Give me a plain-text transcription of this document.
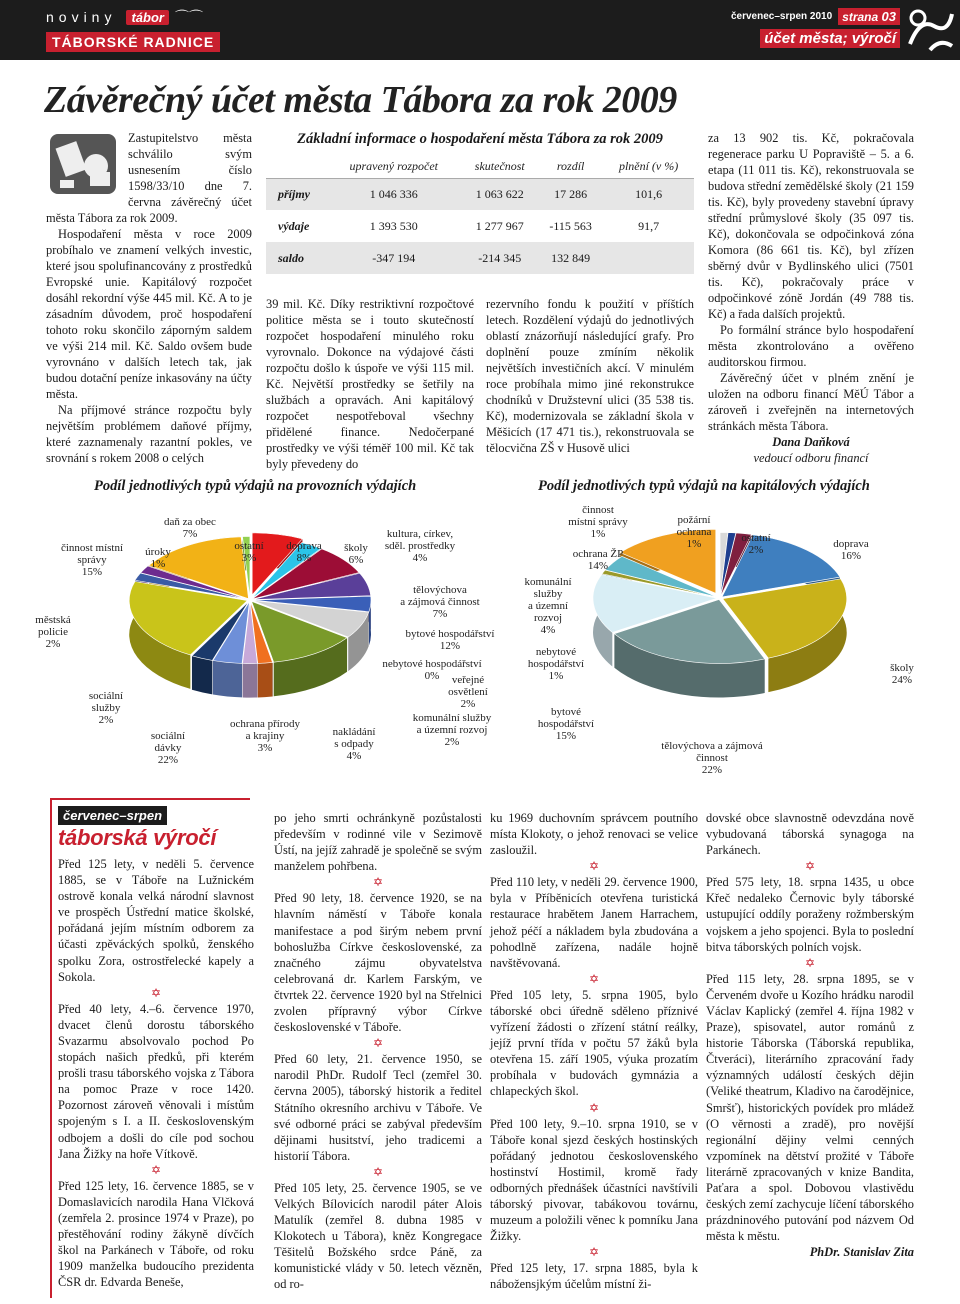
noviny	tábor ⌒⌒
TÁBORSKÉ RADNICE
červenec–srpen 2010 strana 03
účet města; výročí
Závěrečný účet města Tábora za rok 2009

Zastupitelstvo města schválilo svým usnesením číslo 1598/33/10 dne 7. června závěrečný účet města Tábora za rok 2009.

Hospodaření města v roce 2009 probíhalo ve znamení velkých investic, které jsou spolufinancovány z prostředků Evropské unie. Kapitálový rozpočet dosáhl rekordní výše 445 mil. Kč. A to je zásadním důvodem, proč hospodaření tohoto roku skončilo záporným saldem ve výši 214 mil. Kč. Saldo ovšem bude vyrovnáno v dalších letech tak, jak budou dotační peníze inkasovány na účty města.

Na příjmové stránce rozpočtu byly největším problémem daňové příjmy, které zaznamenaly razantní pokles, ve srovnání s rokem 2008 o celých

Základní informace o hospodaření města Tábora za rok 2009
	upravený rozpočet	skutečnost	rozdíl	plnění (v %)
příjmy	1 046 336	1 063 622	17 286	101,6
výdaje	1 393 530	1 277 967	-115 563	91,7
saldo	-347 194	-214 345	132 849	
39 mil. Kč. Díky restriktivní rozpočtové politice města se i touto skutečností rozpočet hospodaření minulého roku vyrovnalo. Dokonce na výdajové části rozpočtu došlo k úspoře ve výši 115 mil. Kč. Největší prostředky se šetřily na službách a opravách. Ani kapitálový rozpočet nespotřeboval všechny přidělené finance. Nedočerpané prostředky ve výši téměř 100 mil. Kč tak byly převedeny do
rezervního fondu k použití v příštích letech. Rozdělení výdajů do jednotlivých oblastí znázorňují následující grafy. Pro doplnění pouze zmíním několik největších investičních akcí. V minulém roce probíhala mimo jiné rekonstrukce chodníků v Družstevní ulici (35 538 tis. Kč), modernizovala se základní škola v Měšicích (17 471 tis.), rekonstruovala se tělocvična ZŠ v Husově ulici

za 13 902 tis. Kč, pokračovala regenerace parku U Popraviště – 5. a 6. etapa (11 011 tis. Kč), rekonstruovala se budova střední zemědělské školy (21 159 tis. Kč), byly provedeny stavební úpravy střední průmyslové školy (35 097 tis. Kč), dokončovala se odpočinková zóna Komora (86 661 tis. Kč), byl zřízen sběrný dvůr v Bydlinského ulici (7501 tis. Kč), pokračovaly práce v odpočinkové zóně Jordán (49 788 tis. Kč) a řada dalších projektů.

Po formální stránce bylo hospodaření města zkontrolováno a ověřeno auditorskou firmou.

Závěrečný účet v plném znění je uložen na odboru financí MěÚ Tábor a zároveň i zveřejněn na internetových stránkách města Tábora.

Dana Daňková
vedoucí odboru financí
Podíl jednotlivých typů výdajů na provozních výdajích
daň za obec
7%
ostatní
3%
doprava
8%
školy
6%
kultura, církev,
sděl. prostředky
4%
tělovýchova
a zájmová činnost
7%
bytové hospodářství
12%
nebytové hospodářství
0%	veřejné
osvětlení
2%
komunální služby
a územní rozvoj
2%
nakládání
s odpady
4%
ochrana přírody
a krajiny
3%
sociální
dávky
22%
sociální
služby
2%
městská
policie
2%
činnost místní
správy
15%
úroky
1%
Podíl jednotlivých typů výdajů na kapitálových výdajích
činnost
místní správy
1%
požární
ochrana
1%	ostatní
2%	doprava
16%
školy
24%
tělovýchova a zájmová
činnost
22%
bytové
hospodářství
15%
nebytové
hospodářství
1%
komunální
služby
a územní
rozvoj
4%
ochrana ŽP
14%
červenec–srpen
táborská výročí

Před 125 lety, v neděli 5. července 1885, se v Táboře na Lužnickém ostrově konala velká národní slavnost ve prospěch Ústřední matice školské, pořádaná jejím místním odborem za účasti zpěváckých spolků, ženského spolku Zora, ostrostřelecké kapely a Sokola.

✡

Před 40 lety, 4.–6. července 1970, dvacet členů dorostu táborského Svazarmu absolvovalo pochod Po stopách našich předků, při kterém prošli trasu táborského vojska z Tábora na pomoc Praze v roce 1420. Pozornost zároveň věnovali i místům spojeným s I. a II. československým odbojem a došli do cíle pod sochou Jana Žižky na hoře Vítkově.

✡

Před 125 lety, 16. července 1885, se v Domaslavicích narodila Hana Vlčková (zemřela 2. prosince 1974 v Praze), po přestěhování rodiny žákyně dívčích škol na Parkánech v Táboře, od roku 1909 manželka budoucího prezidenta ČSR dr. Edvarda Beneše,

po jeho smrti ochránkyně pozůstalosti především v rodinné vile v Sezimově Ústí, na jejíž zahradě je společně se svým manželem pohřbena.

✡

Před 90 lety, 18. července 1920, se na hlavním náměstí v Táboře konala manifestace a pod širým nebem první bohoslužba Církve československé, za značného zájmu obyvatelstva celebrovaná dr. Karlem Farským, ve čtvrtek 22. července 1920 byl na Střelnici zvolen přípravný výbor Církve československé v Táboře.

✡

Před 60 lety, 21. července 1950, se narodil PhDr. Rudolf Tecl (zemřel 30. června 2005), táborský historik a ředitel Státního okresního archivu v Táboře. Ve své odborné práci se zabýval především dějinami husitství, jeho tradicemi a historií Tábora.

✡

Před 105 lety, 25. července 1905, se ve Velkých Bílovicích narodil páter Alois Matulík (zemřel 8. dubna 1985 v Klokotech u Tábora), kněz Kongregace Těšitelů Božského srdce Páně, za komunistické vlády v 50. letech vězněn, od ro-

ku 1969 duchovním správcem poutního místa Klokoty, o jehož renovaci se velice zasloužil.

✡

Před 110 lety, v neděli 29. července 1900, byla v Příběnicích otevřena turistická restaurace hrabětem Janem Harrachem, jehož péčí a nákladem byla zbudována a pohodlně zařízena, nadále hojně navštěvovaná.

✡

Před 105 lety, 5. srpna 1905, bylo táborské obci úředně sděleno příznivé vyřízení žádosti o zřízení státní reálky, jejíž první třída v počtu 57 žáků byla otevřena 15. září 1905, výuka prozatím probíhala v budovách gymnázia a chlapeckých škol.

✡

Před 100 lety, 9.–10. srpna 1910, se v Táboře konal sjezd českých hostinských pořádaný jednotou československého hostinství Hostimil, kromě řady odborných přednášek účastníci navštívili táborský pivovar, tabákovou továrnu, muzeum a položili věnec k pomníku Jana Žižky.

✡

Před 125 lety, 17. srpna 1885, byla k nábožensjkým účelům místní ži-

dovské obce slavnostně odevzdána nově vybudovaná táborská synagoga na Parkánech.

✡

Před 575 lety, 18. srpna 1435, u obce Křeč nedaleko Černovic byly táborské ustupující oddíly poraženy rožmberským vojskem a jeho spojenci. Byla to poslední bitva táborských polních vojsk.

✡

Před 115 lety, 28. srpna 1895, se v Červeném dvoře u Kozího hrádku narodil Václav Kaplický (zemřel 4. října 1982 v Praze), spisovatel, autor románů z historie Táborska (Táborská republika, Čtveráci), literárního zpracování řady významných událostí českých dějin (Veliké theatrum, Kladivo na čarodějnice, Smršť), historických povídek pro mládež (O věrnosti a zradě), pro novější regionální dějiny velmi cenných vzpomínek na dětství prožité v Táboře literárně zpracovaných v knize Bandita, Paťara a spol. Dobovou vlastivědu českých zemí zachycuje líčení táborského prázdninového putování pod názvem Od města k městu.

PhDr. Stanislav Zita
